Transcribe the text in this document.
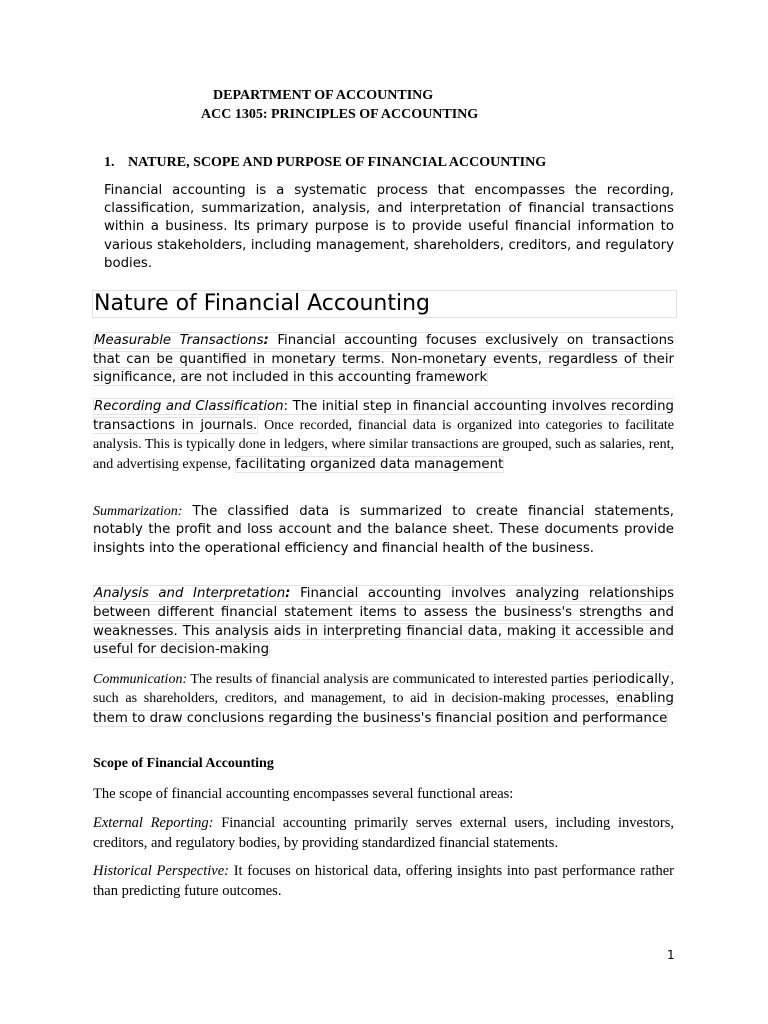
DEPARTMENT OF ACCOUNTING
ACC 1305: PRINCIPLES OF ACCOUNTING
1. NATURE, SCOPE AND PURPOSE OF FINANCIAL ACCOUNTING
Financial accounting is a systematic process that encompasses the recording, classification, summarization, analysis, and interpretation of financial transactions within a business. Its primary purpose is to provide useful financial information to various stakeholders, including management, shareholders, creditors, and regulatory bodies.
Nature of Financial Accounting
Measurable Transactions: Financial accounting focuses exclusively on transactions that can be quantified in monetary terms. Non-monetary events, regardless of their significance, are not included in this accounting framework
Recording and Classification: The initial step in financial accounting involves recording transactions in journals. Once recorded, financial data is organized into categories to facilitate analysis. This is typically done in ledgers, where similar transactions are grouped, such as salaries, rent, and advertising expense, facilitating organized data management
Summarization: The classified data is summarized to create financial statements, notably the profit and loss account and the balance sheet. These documents provide insights into the operational efficiency and financial health of the business.
Analysis and Interpretation: Financial accounting involves analyzing relationships between different financial statement items to assess the business's strengths and weaknesses. This analysis aids in interpreting financial data, making it accessible and useful for decision-making
Communication: The results of financial analysis are communicated to interested parties periodically, such as shareholders, creditors, and management, to aid in decision-making processes, enabling them to draw conclusions regarding the business's financial position and performance
Scope of Financial Accounting
The scope of financial accounting encompasses several functional areas:
External Reporting: Financial accounting primarily serves external users, including investors, creditors, and regulatory bodies, by providing standardized financial statements.
Historical Perspective: It focuses on historical data, offering insights into past performance rather than predicting future outcomes.
1
